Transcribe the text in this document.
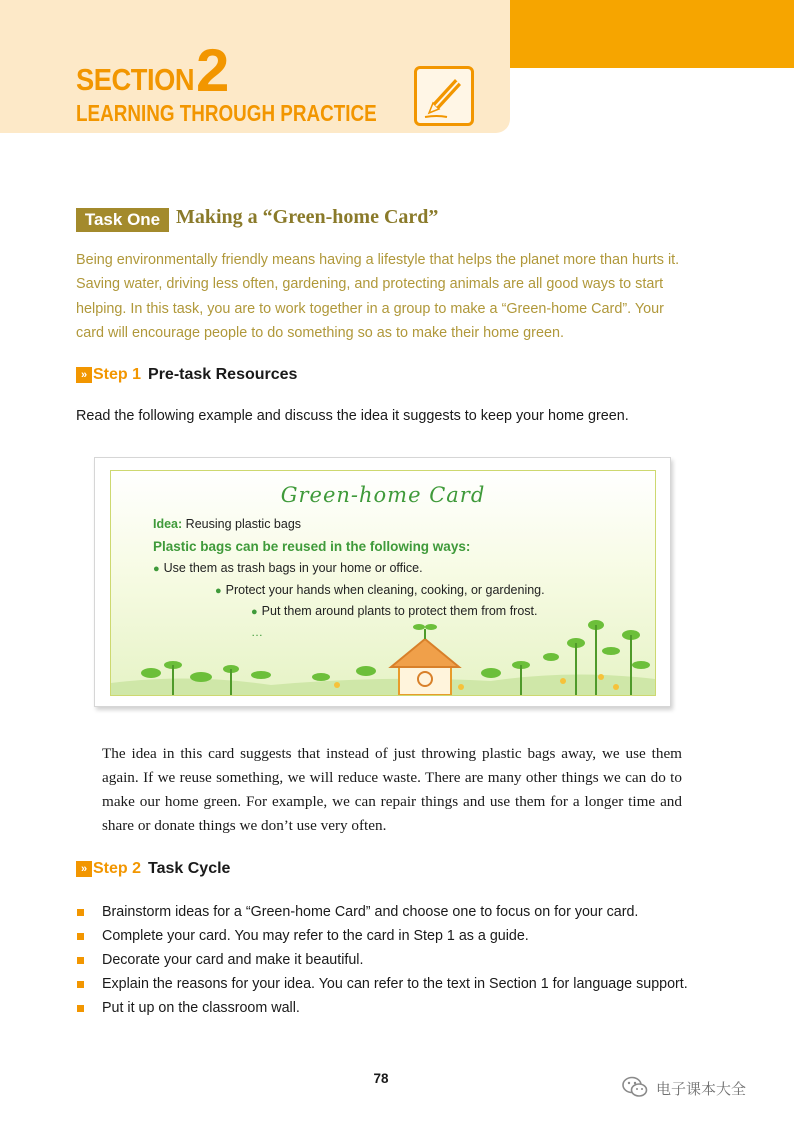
SECTION 2
LEARNING THROUGH PRACTICE
Task One Making a “Green-home Card”

Being environmentally friendly means having a lifestyle that helps the planet more than hurts it. Saving water, driving less often, gardening, and protecting animals are all good ways to start helping. In this task, you are to work together in a group to make a “Green-home Card”. Your card will encourage people to do something so as to make their home green.

» Step 1 Pre-task Resources
Read the following example and discuss the idea it suggests to keep your home green.
Green-home Card
Idea: Reusing plastic bags
Plastic bags can be reused in the following ways:
● Use them as trash bags in your home or office.
● Protect your hands when cleaning, cooking, or gardening.
● Put them around plants to protect them from frost.
…

The idea in this card suggests that instead of just throwing plastic bags away, we use them again. If we reuse something, we will reduce waste. There are many other things we can do to make our home green. For example, we can repair things and use them for a longer time and share or donate things we don’t use very often.

» Step 2 Task Cycle
Brainstorm ideas for a “Green-home Card” and choose one to focus on for your card.
Complete your card. You may refer to the card in Step 1 as a guide.
Decorate your card and make it beautiful.
Explain the reasons for your idea. You can refer to the text in Section 1 for language support.
Put it up on the classroom wall.
78
电子课本大全
